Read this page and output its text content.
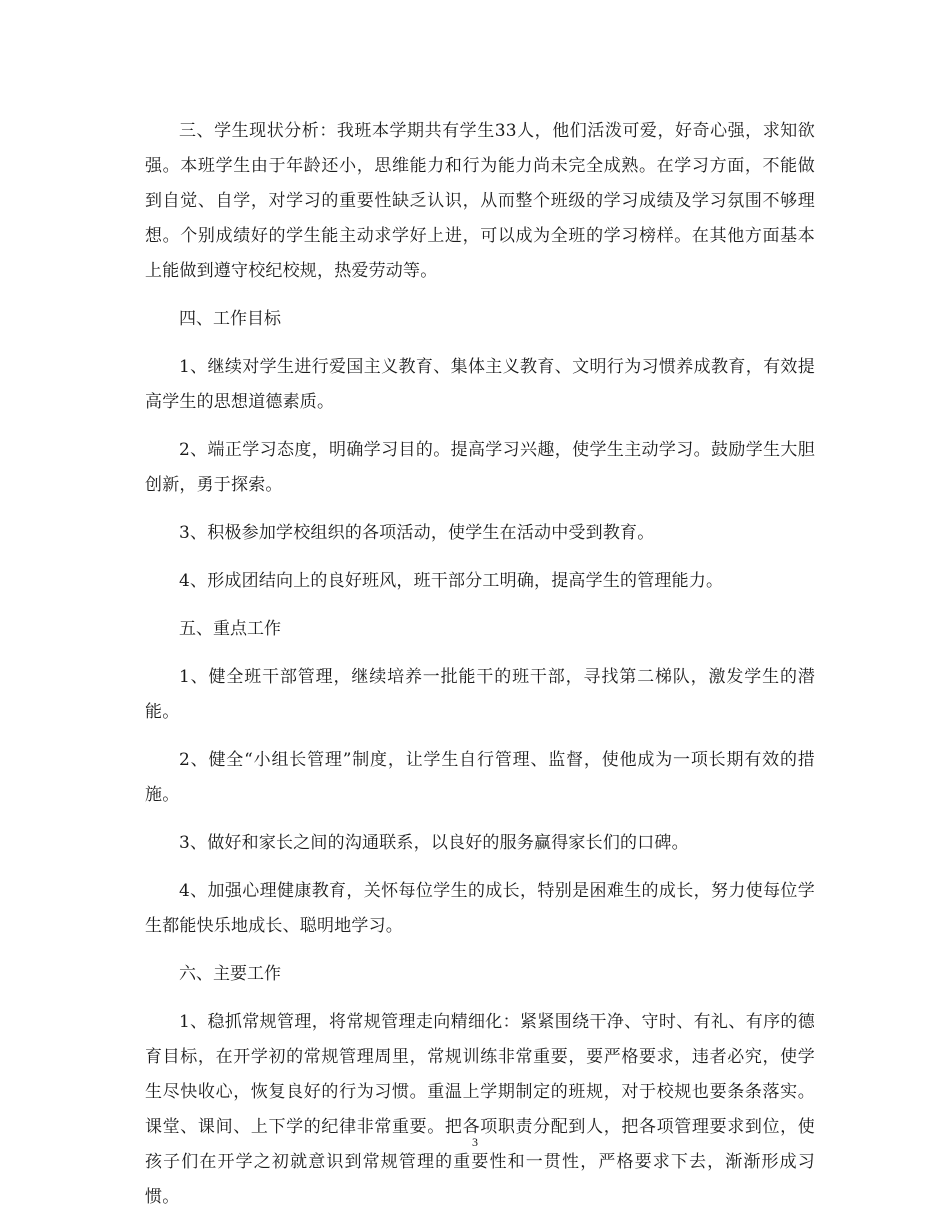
三、学生现状分析：我班本学期共有学生33人，他们活泼可爱，好奇心强，求知欲强。本班学生由于年龄还小，思维能力和行为能力尚未完全成熟。在学习方面，不能做到自觉、自学，对学习的重要性缺乏认识，从而整个班级的学习成绩及学习氛围不够理想。个别成绩好的学生能主动求学好上进，可以成为全班的学习榜样。在其他方面基本上能做到遵守校纪校规，热爱劳动等。

四、工作目标

1、继续对学生进行爱国主义教育、集体主义教育、文明行为习惯养成教育，有效提高学生的思想道德素质。

2、端正学习态度，明确学习目的。提高学习兴趣，使学生主动学习。鼓励学生大胆创新，勇于探索。

3、积极参加学校组织的各项活动，使学生在活动中受到教育。

4、形成团结向上的良好班风，班干部分工明确，提高学生的管理能力。

五、重点工作

1、健全班干部管理，继续培养一批能干的班干部，寻找第二梯队，激发学生的潜能。

2、健全“小组长管理”制度，让学生自行管理、监督，使他成为一项长期有效的措施。

3、做好和家长之间的沟通联系，以良好的服务赢得家长们的口碑。

4、加强心理健康教育，关怀每位学生的成长，特别是困难生的成长，努力使每位学生都能快乐地成长、聪明地学习。

六、主要工作

1、稳抓常规管理，将常规管理走向精细化：紧紧围绕干净、守时、有礼、有序的德育目标，在开学初的常规管理周里，常规训练非常重要，要严格要求，违者必究，使学生尽快收心，恢复良好的行为习惯。重温上学期制定的班规，对于校规也要条条落实。课堂、课间、上下学的纪律非常重要。把各项职责分配到人，把各项管理要求到位，使孩子们在开学之初就意识到常规管理的重要性和一贯性，严格要求下去，渐渐形成习惯。

3
